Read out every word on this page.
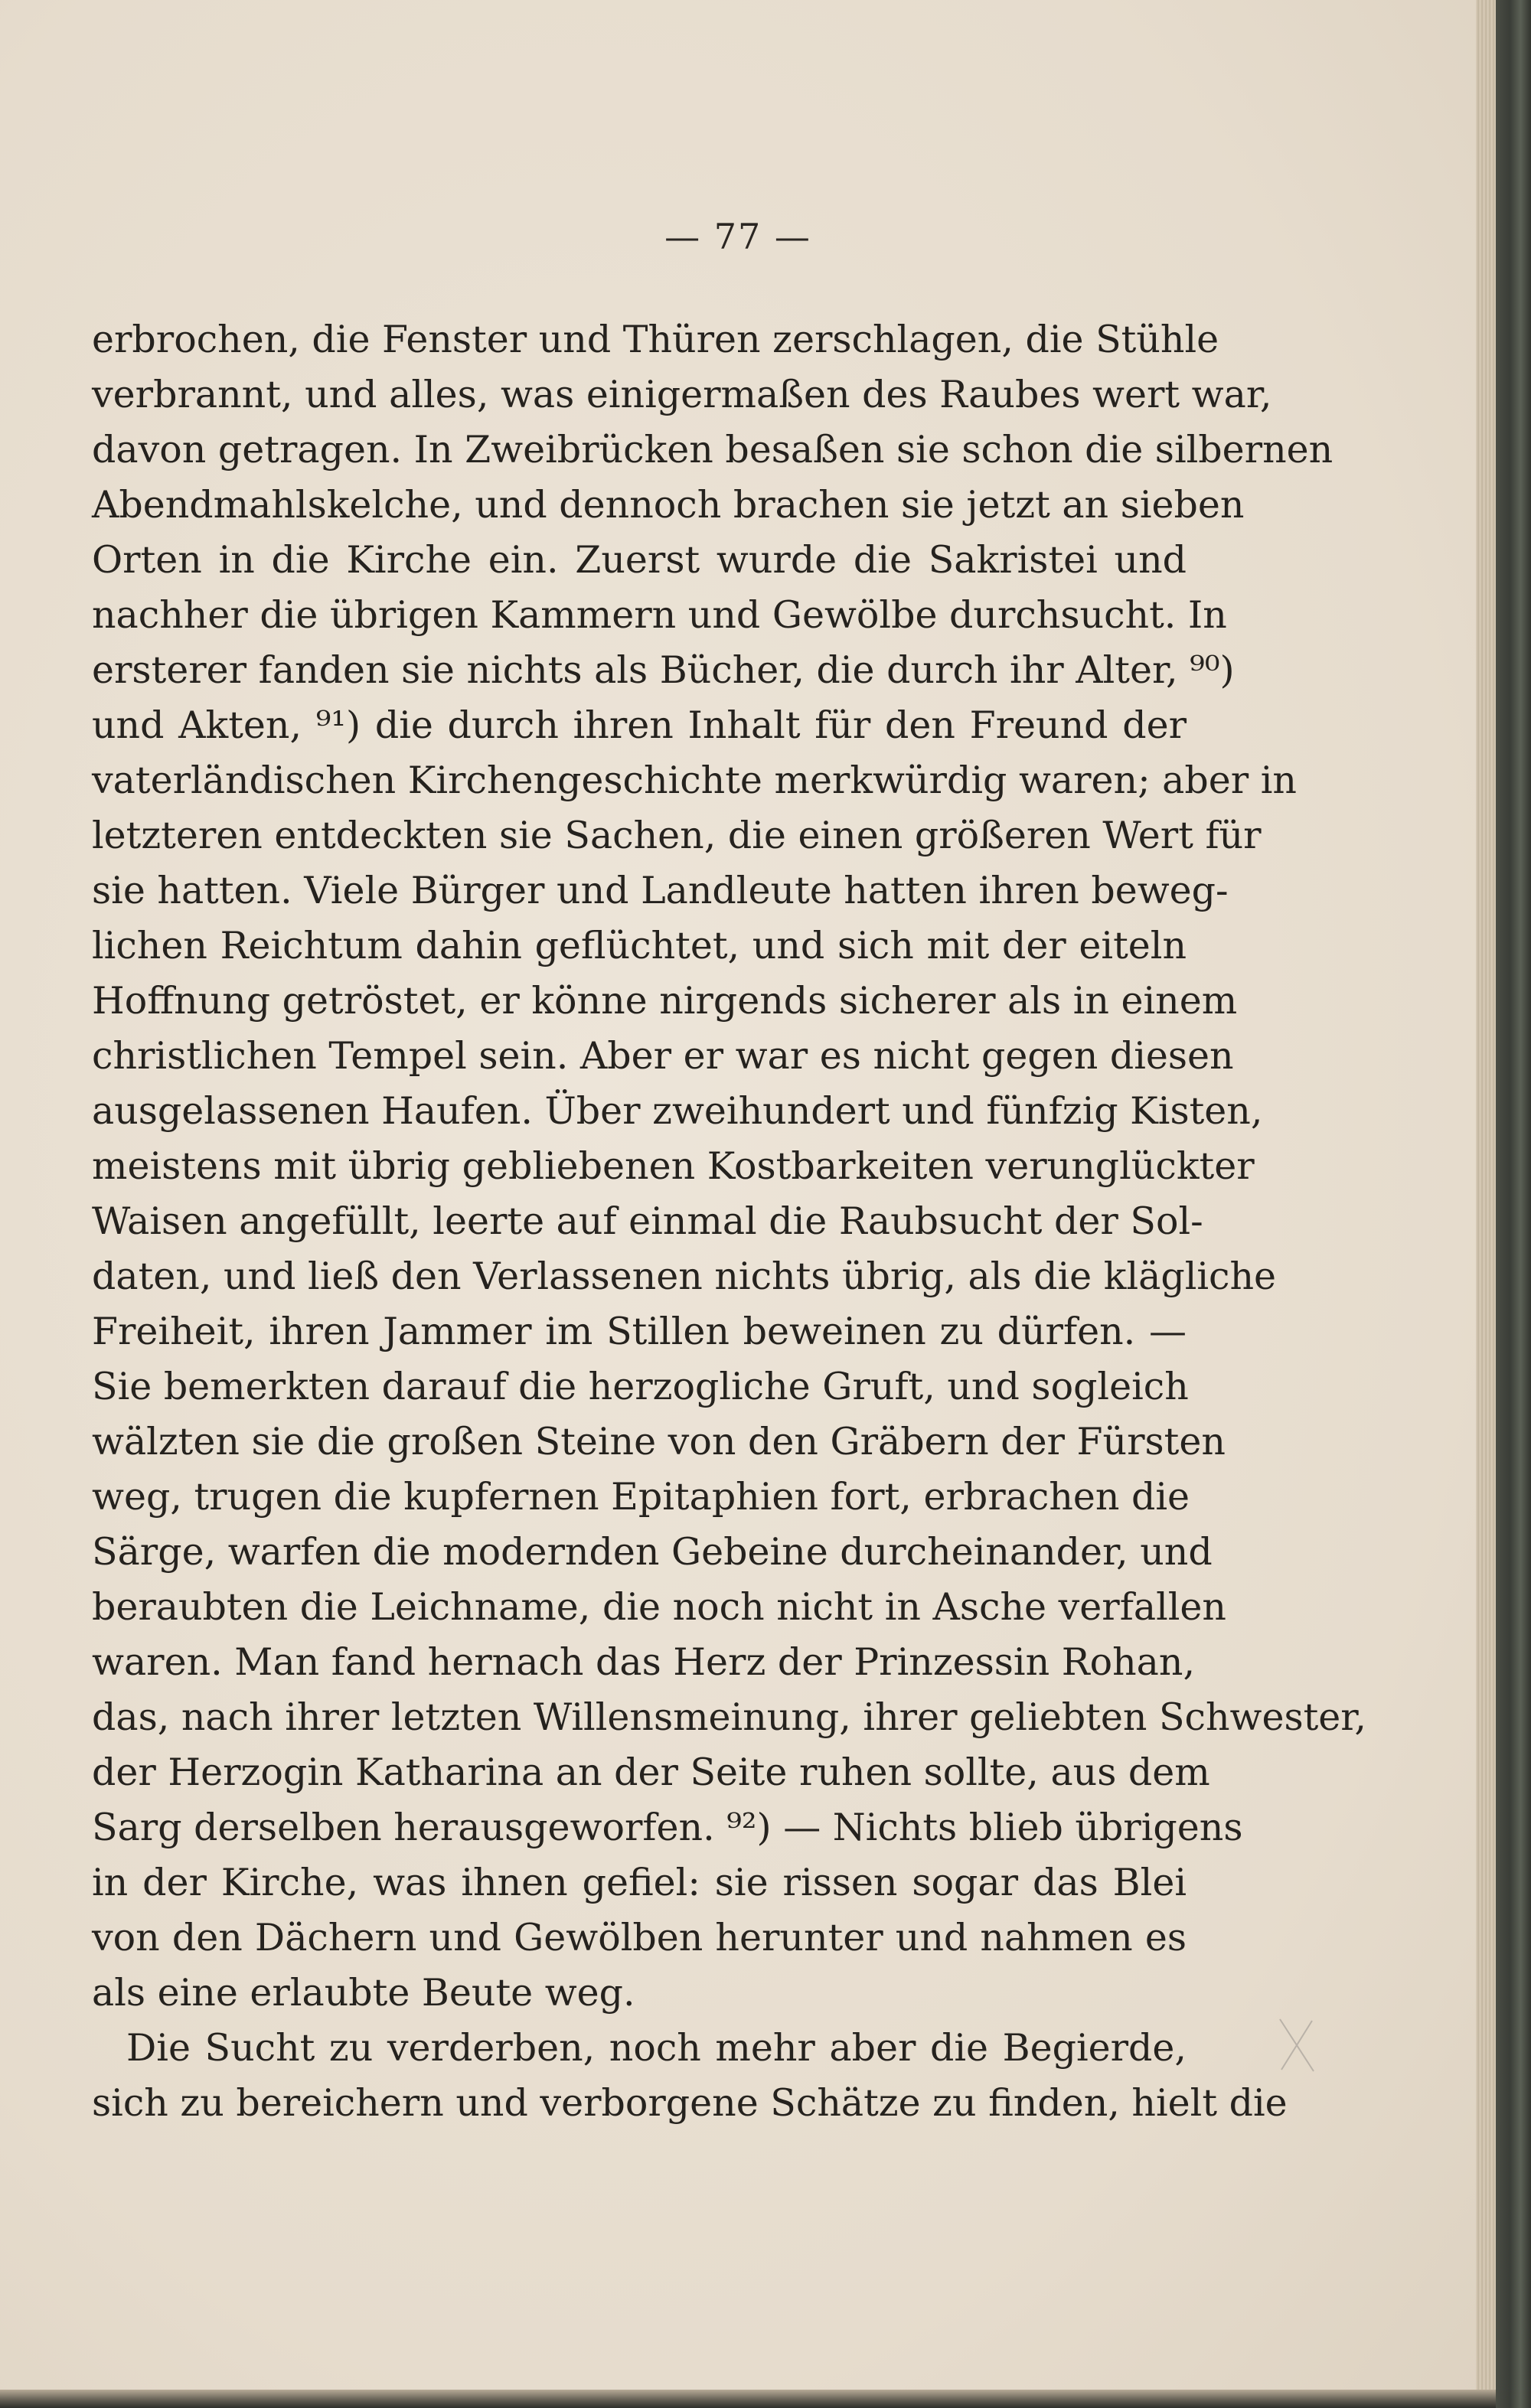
— 77 —
erbrochen, die Fenster und Thüren zerschlagen, die Stühle
verbrannt, und alles, was einigermaßen des Raubes wert war,
davon getragen. In Zweibrücken besaßen sie schon die silbernen
Abendmahlskelche, und dennoch brachen sie jetzt an sieben
Orten in die Kirche ein. Zuerst wurde die Sakristei und
nachher die übrigen Kammern und Gewölbe durchsucht. In
ersterer fanden sie nichts als Bücher, die durch ihr Alter, ⁹⁰)
und Akten, ⁹¹) die durch ihren Inhalt für den Freund der
vaterländischen Kirchengeschichte merkwürdig waren; aber in
letzteren entdeckten sie Sachen, die einen größeren Wert für
sie hatten. Viele Bürger und Landleute hatten ihren beweg-
lichen Reichtum dahin geflüchtet, und sich mit der eiteln
Hoffnung getröstet, er könne nirgends sicherer als in einem
christlichen Tempel sein. Aber er war es nicht gegen diesen
ausgelassenen Haufen. Über zweihundert und fünfzig Kisten,
meistens mit übrig gebliebenen Kostbarkeiten verunglückter
Waisen angefüllt, leerte auf einmal die Raubsucht der Sol-
daten, und ließ den Verlassenen nichts übrig, als die klägliche
Freiheit, ihren Jammer im Stillen beweinen zu dürfen. —
Sie bemerkten darauf die herzogliche Gruft, und sogleich
wälzten sie die großen Steine von den Gräbern der Fürsten
weg, trugen die kupfernen Epitaphien fort, erbrachen die
Särge, warfen die modernden Gebeine durcheinander, und
beraubten die Leichname, die noch nicht in Asche verfallen
waren. Man fand hernach das Herz der Prinzessin Rohan,
das, nach ihrer letzten Willensmeinung, ihrer geliebten Schwester,
der Herzogin Katharina an der Seite ruhen sollte, aus dem
Sarg derselben herausgeworfen. ⁹²) — Nichts blieb übrigens
in der Kirche, was ihnen gefiel: sie rissen sogar das Blei
von den Dächern und Gewölben herunter und nahmen es
als eine erlaubte Beute weg.
Die Sucht zu verderben, noch mehr aber die Begierde,
sich zu bereichern und verborgene Schätze zu finden, hielt die
